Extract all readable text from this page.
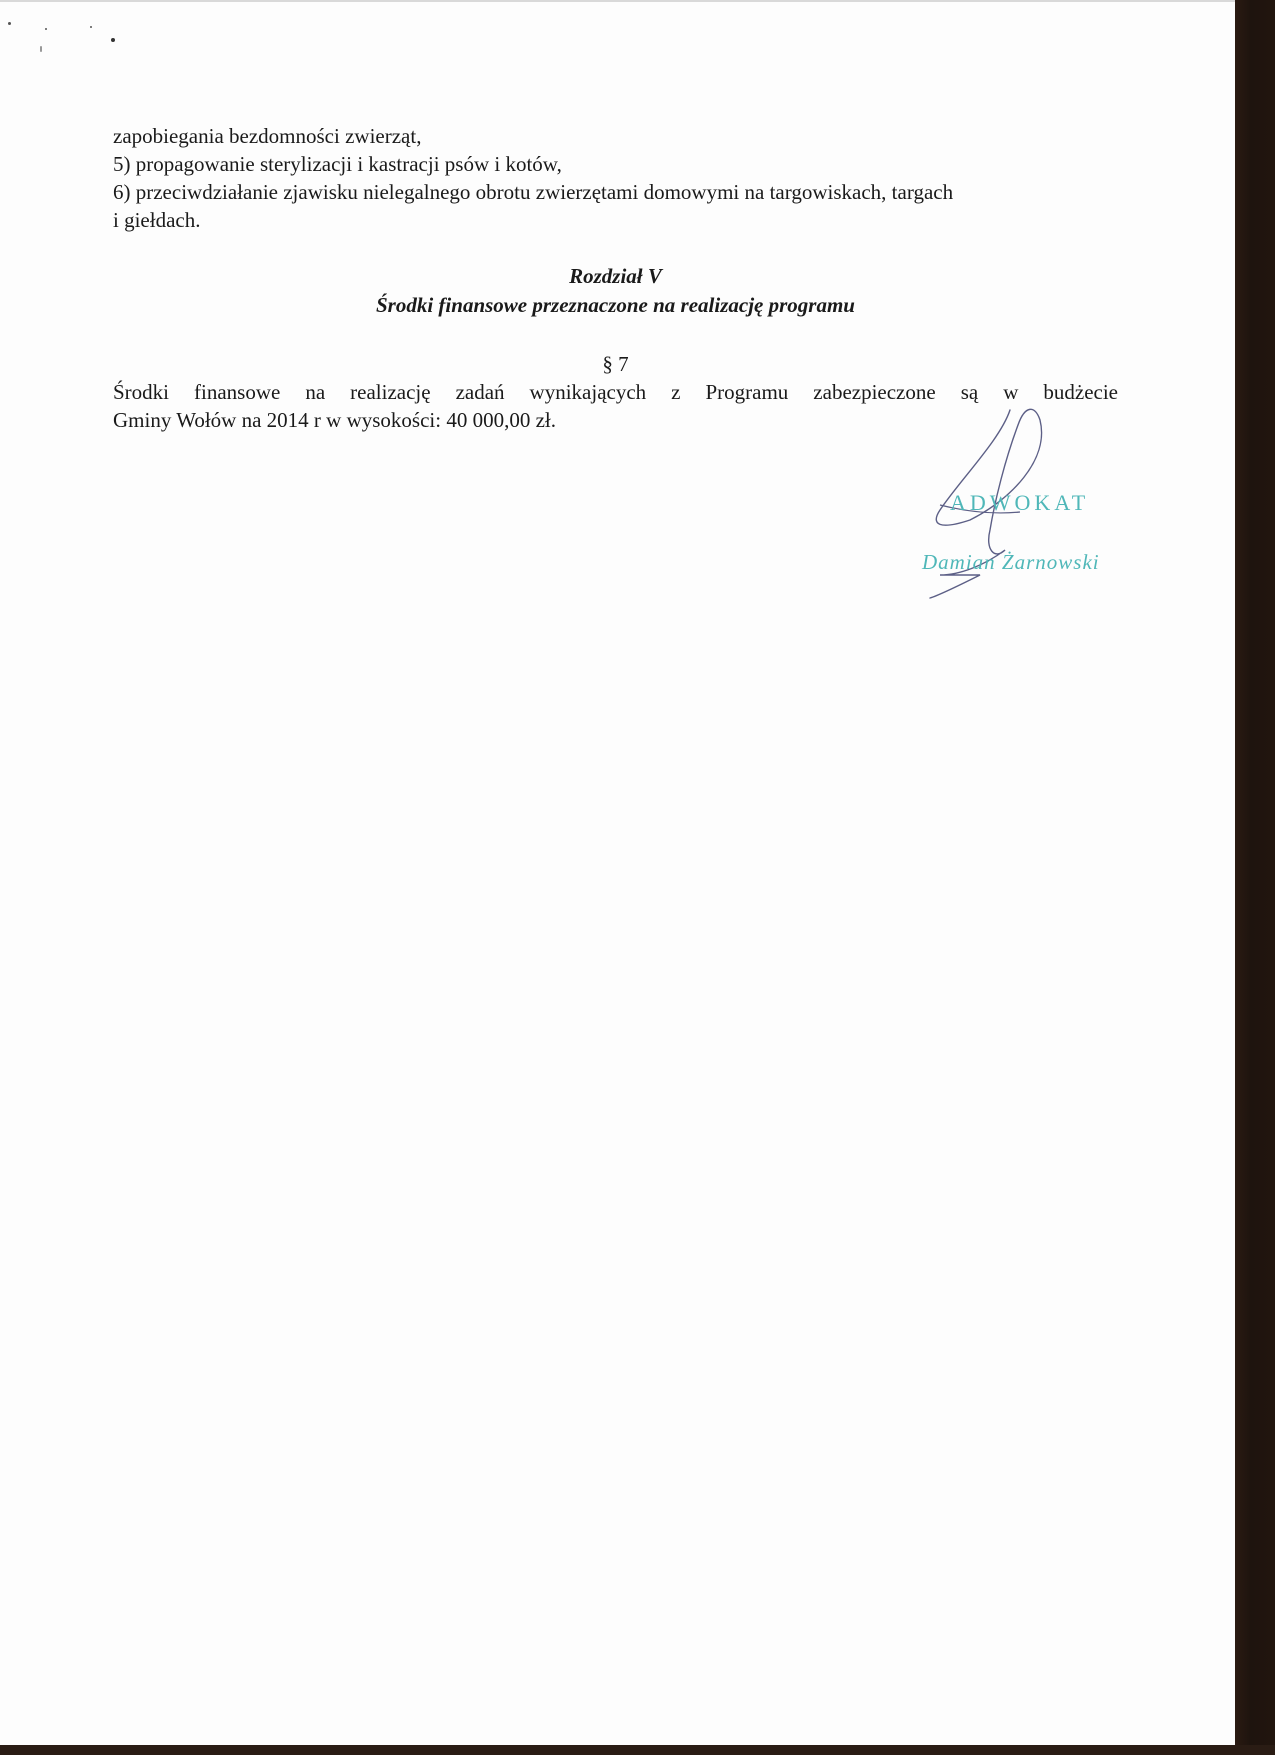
zapobiegania bezdomności zwierząt,
5) propagowanie sterylizacji i kastracji psów i kotów,
6) przeciwdziałanie zjawisku nielegalnego obrotu zwierzętami domowymi na targowiskach, targach
i giełdach.
Rozdział V
Środki finansowe przeznaczone na realizację programu
§ 7
Środki finansowe na realizację zadań wynikających z Programu zabezpieczone są w budżecie
Gminy Wołów na 2014 r w wysokości: 40 000,00 zł.
ADWOKAT
Damian Żarnowski
